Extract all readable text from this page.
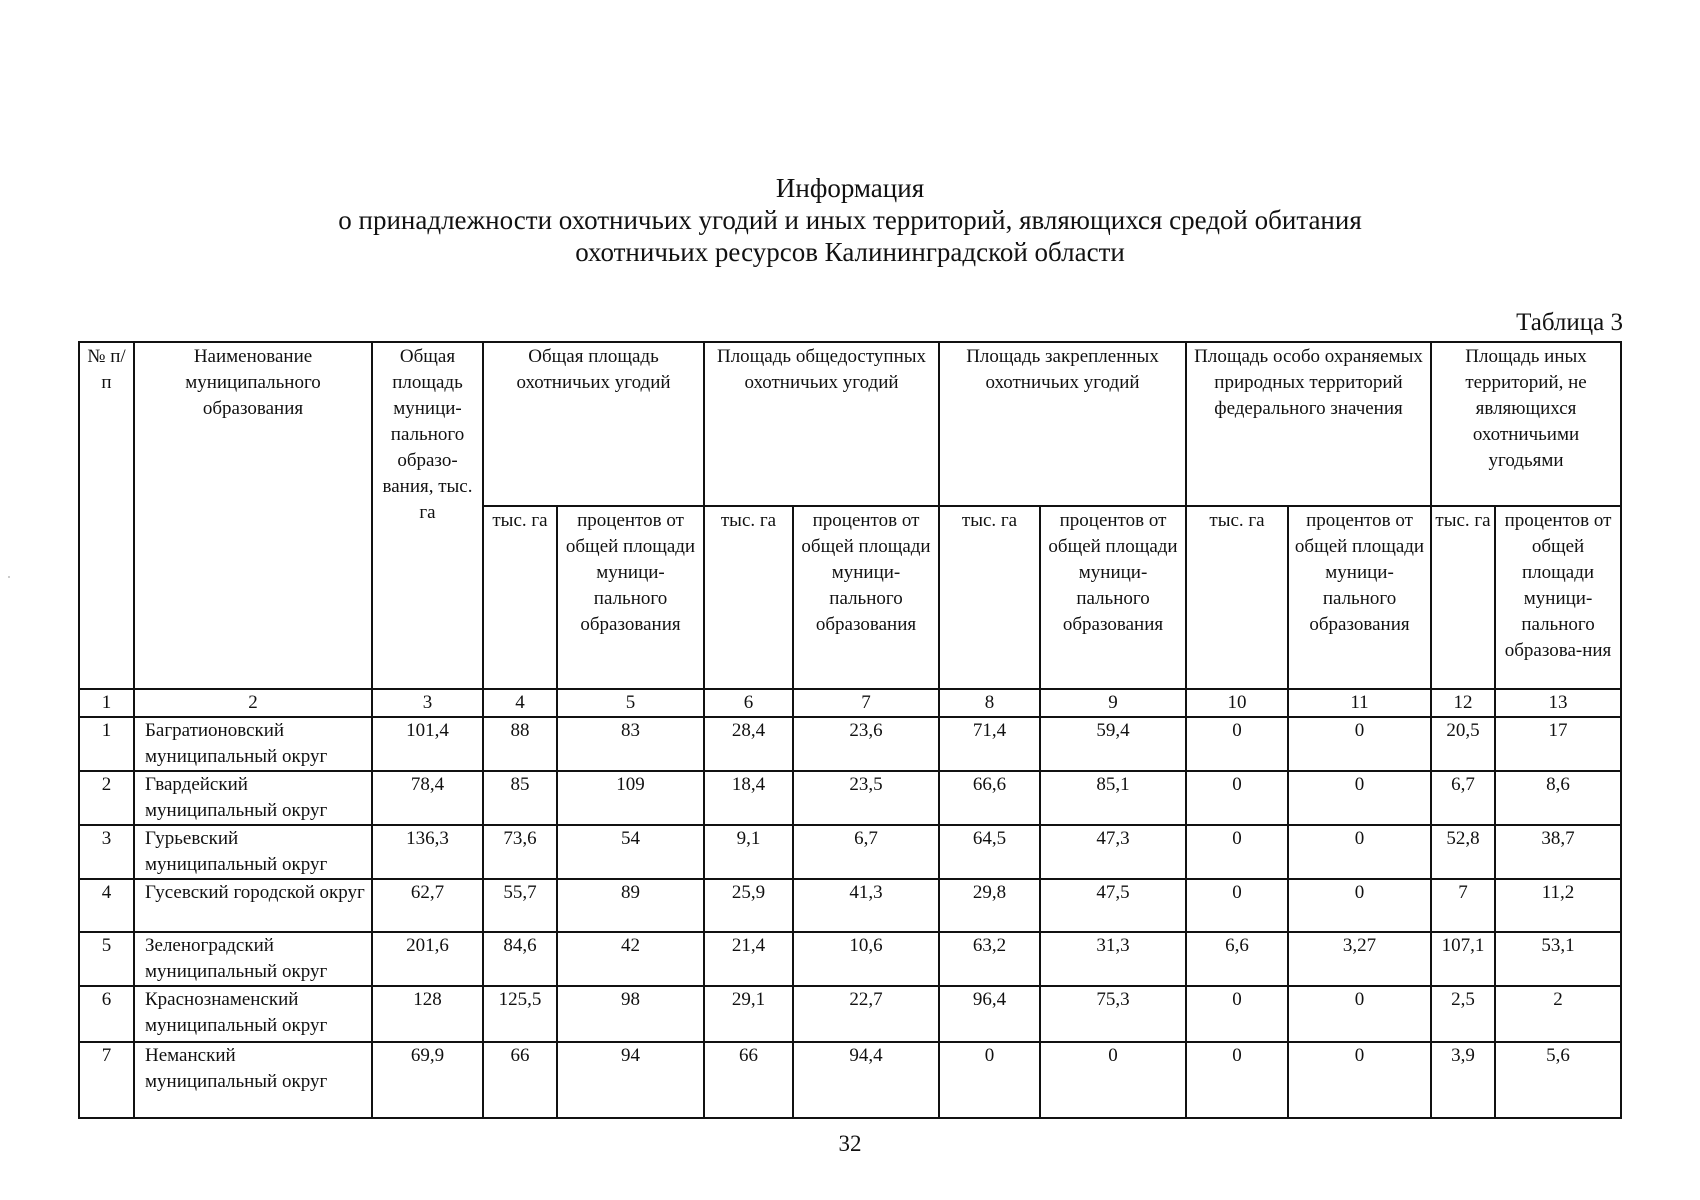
Информация
о принадлежности охотничьих угодий и иных территорий, являющихся средой обитания
охотничьих ресурсов Калининградской области
Таблица 3
№ п/п	Наименование муниципального образования	Общая площадь муници-пального образо-вания, тыс. га	Общая площадь охотничьих угодий		Площадь общедоступных охотничьих угодий		Площадь закрепленных охотничьих угодий		Площадь особо охраняемых природных территорий федерального значения		Площадь иных территорий, не являющихся охотничьими угодьями	
			тыс. га	процентов от общей площади муници-пального образования	тыс. га	процентов от общей площади муници-пального образования	тыс. га	процентов от общей площади муници-пального образования	тыс. га	процентов от общей площади муници-пального образования	тыс. га	процентов от общей площади муници-пального образова-ния
1	2	3	4	5	6	7	8	9	10	11	12	13
1	Багратионовский муниципальный округ	101,4	88	83	28,4	23,6	71,4	59,4	0	0	20,5	17
2	Гвардейский муниципальный округ	78,4	85	109	18,4	23,5	66,6	85,1	0	0	6,7	8,6
3	Гурьевский муниципальный округ	136,3	73,6	54	9,1	6,7	64,5	47,3	0	0	52,8	38,7
4	Гусевский городской округ	62,7	55,7	89	25,9	41,3	29,8	47,5	0	0	7	11,2
5	Зеленоградский муниципальный округ	201,6	84,6	42	21,4	10,6	63,2	31,3	6,6	3,27	107,1	53,1
6	Краснознаменский муниципальный округ	128	125,5	98	29,1	22,7	96,4	75,3	0	0	2,5	2
7	Неманский муниципальный округ	69,9	66	94	66	94,4	0	0	0	0	3,9	5,6
32
